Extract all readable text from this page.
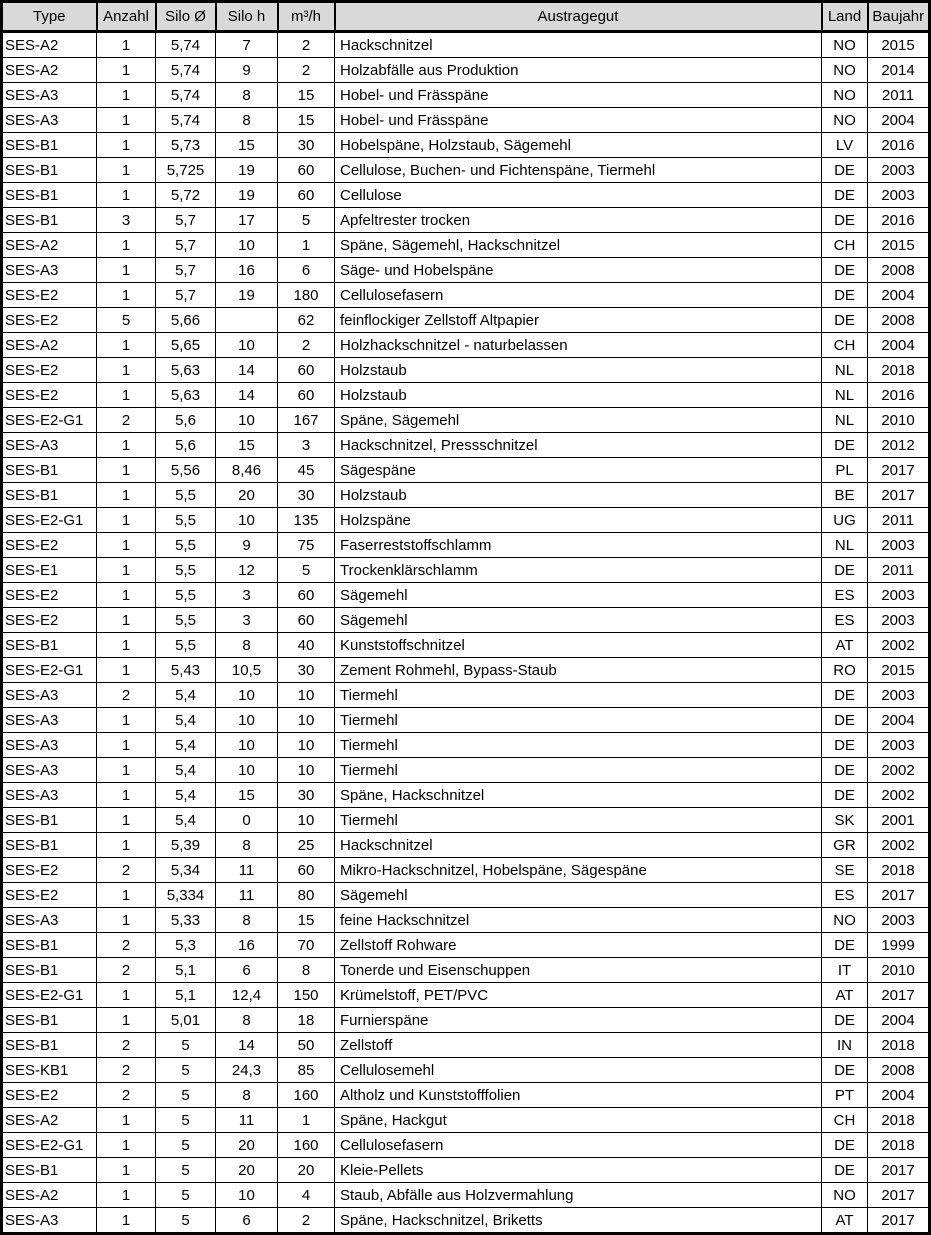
Type	Anzahl	Silo Ø	Silo h	m³/h	Austragegut	Land	Baujahr
SES-A2	1	5,74	7	2	Hackschnitzel	NO	2015
SES-A2	1	5,74	9	2	Holzabfälle aus Produktion	NO	2014
SES-A3	1	5,74	8	15	Hobel- und Frässpäne	NO	2011
SES-A3	1	5,74	8	15	Hobel- und Frässpäne	NO	2004
SES-B1	1	5,73	15	30	Hobelspäne, Holzstaub, Sägemehl	LV	2016
SES-B1	1	5,725	19	60	Cellulose, Buchen- und Fichtenspäne, Tiermehl	DE	2003
SES-B1	1	5,72	19	60	Cellulose	DE	2003
SES-B1	3	5,7	17	5	Apfeltrester trocken	DE	2016
SES-A2	1	5,7	10	1	Späne, Sägemehl, Hackschnitzel	CH	2015
SES-A3	1	5,7	16	6	Säge- und Hobelspäne	DE	2008
SES-E2	1	5,7	19	180	Cellulosefasern	DE	2004
SES-E2	5	5,66		62	feinflockiger Zellstoff Altpapier	DE	2008
SES-A2	1	5,65	10	2	Holzhackschnitzel - naturbelassen	CH	2004
SES-E2	1	5,63	14	60	Holzstaub	NL	2018
SES-E2	1	5,63	14	60	Holzstaub	NL	2016
SES-E2-G1	2	5,6	10	167	Späne, Sägemehl	NL	2010
SES-A3	1	5,6	15	3	Hackschnitzel, Pressschnitzel	DE	2012
SES-B1	1	5,56	8,46	45	Sägespäne	PL	2017
SES-B1	1	5,5	20	30	Holzstaub	BE	2017
SES-E2-G1	1	5,5	10	135	Holzspäne	UG	2011
SES-E2	1	5,5	9	75	Faserreststoffschlamm	NL	2003
SES-E1	1	5,5	12	5	Trockenklärschlamm	DE	2011
SES-E2	1	5,5	3	60	Sägemehl	ES	2003
SES-E2	1	5,5	3	60	Sägemehl	ES	2003
SES-B1	1	5,5	8	40	Kunststoffschnitzel	AT	2002
SES-E2-G1	1	5,43	10,5	30	Zement Rohmehl, Bypass-Staub	RO	2015
SES-A3	2	5,4	10	10	Tiermehl	DE	2003
SES-A3	1	5,4	10	10	Tiermehl	DE	2004
SES-A3	1	5,4	10	10	Tiermehl	DE	2003
SES-A3	1	5,4	10	10	Tiermehl	DE	2002
SES-A3	1	5,4	15	30	Späne, Hackschnitzel	DE	2002
SES-B1	1	5,4	0	10	Tiermehl	SK	2001
SES-B1	1	5,39	8	25	Hackschnitzel	GR	2002
SES-E2	2	5,34	11	60	Mikro-Hackschnitzel, Hobelspäne, Sägespäne	SE	2018
SES-E2	1	5,334	11	80	Sägemehl	ES	2017
SES-A3	1	5,33	8	15	feine Hackschnitzel	NO	2003
SES-B1	2	5,3	16	70	Zellstoff Rohware	DE	1999
SES-B1	2	5,1	6	8	Tonerde und Eisenschuppen	IT	2010
SES-E2-G1	1	5,1	12,4	150	Krümelstoff, PET/PVC	AT	2017
SES-B1	1	5,01	8	18	Furnierspäne	DE	2004
SES-B1	2	5	14	50	Zellstoff	IN	2018
SES-KB1	2	5	24,3	85	Cellulosemehl	DE	2008
SES-E2	2	5	8	160	Altholz und Kunststofffolien	PT	2004
SES-A2	1	5	11	1	Späne, Hackgut	CH	2018
SES-E2-G1	1	5	20	160	Cellulosefasern	DE	2018
SES-B1	1	5	20	20	Kleie-Pellets	DE	2017
SES-A2	1	5	10	4	Staub, Abfälle aus Holzvermahlung	NO	2017
SES-A3	1	5	6	2	Späne, Hackschnitzel, Briketts	AT	2017
